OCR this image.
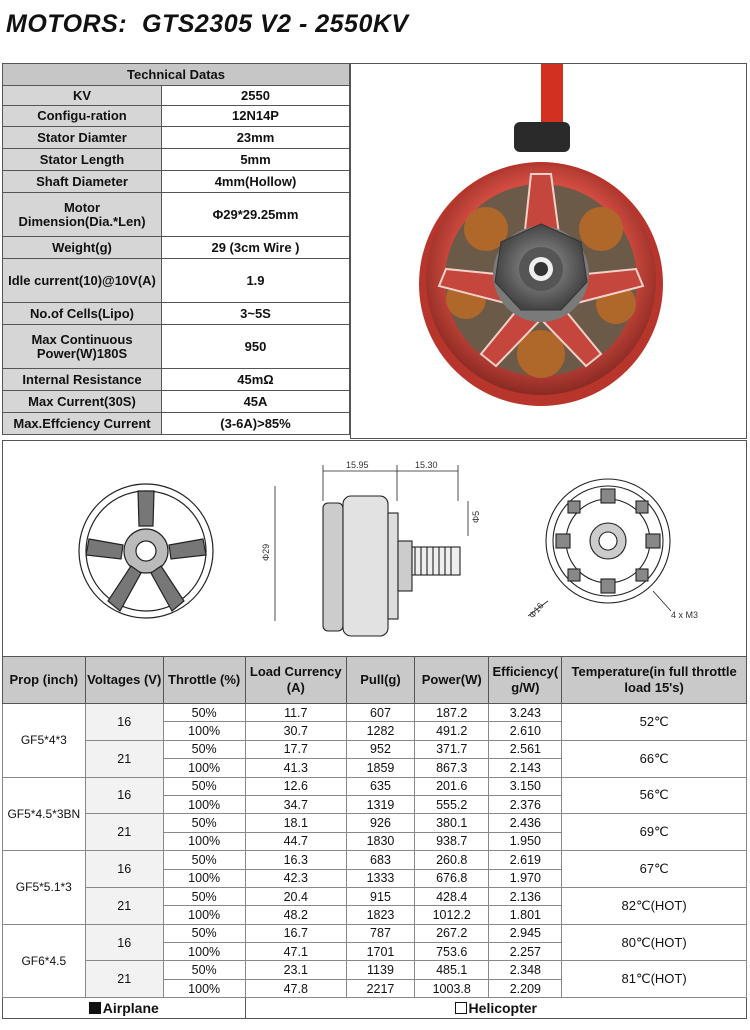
MOTORS: GTS2305 V2 - 2550KV
Technical Datas	
KV	2550
Configu-ration	12N14P
Stator Diamter	23mm
Stator Length	5mm
Shaft Diameter	4mm(Hollow)
Motor Dimension(Dia.*Len)	Φ29*29.25mm
Weight(g)	29 (3cm Wire )
Idle current(10)@10V(A)	1.9
No.of Cells(Lipo)	3~5S
Max Continuous Power(W)180S	950
Internal Resistance	45mΩ
Max Current(30S)	45A
Max.Effciency Current	(3-6A)>85%
15.95	15.30
Φ29
Φ5
Φ16	4 x M3
Prop (inch)	Voltages (V)	Throttle (%)	Load Currency (A)	Pull(g)	Power(W)	Efficiency( g/W)	Temperature(in full throttle load 15's)
GF5*4*3	16	50%	11.7	607	187.2	3.243	52℃
		100%	30.7	1282	491.2	2.610	
	21	50%	17.7	952	371.7	2.561	66℃
		100%	41.3	1859	867.3	2.143	
GF5*4.5*3BN	16	50%	12.6	635	201.6	3.150	56℃
		100%	34.7	1319	555.2	2.376	
	21	50%	18.1	926	380.1	2.436	69℃
		100%	44.7	1830	938.7	1.950	
GF5*5.1*3	16	50%	16.3	683	260.8	2.619	67℃
		100%	42.3	1333	676.8	1.970	
	21	50%	20.4	915	428.4	2.136	82℃(HOT)
		100%	48.2	1823	1012.2	1.801	
GF6*4.5	16	50%	16.7	787	267.2	2.945	80℃(HOT)
		100%	47.1	1701	753.6	2.257	
	21	50%	23.1	1139	485.1	2.348	81℃(HOT)
		100%	47.8	2217	1003.8	2.209	
Airplane			Helicopter				
